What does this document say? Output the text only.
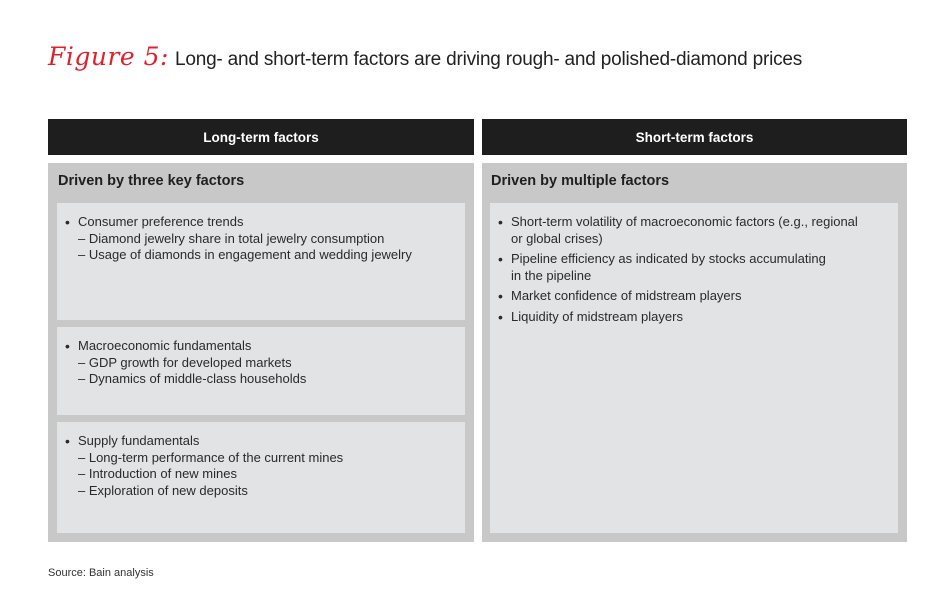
Figure 5: Long- and short-term factors are driving rough- and polished-diamond prices
Long-term factors
Driven by three key factors
• Consumer preference trends
– Diamond jewelry share in total jewelry consumption
– Usage of diamonds in engagement and wedding jewelry
• Macroeconomic fundamentals
– GDP growth for developed markets
– Dynamics of middle-class households
• Supply fundamentals
– Long-term performance of the current mines
– Introduction of new mines
– Exploration of new deposits
Short-term factors
Driven by multiple factors
• Short-term volatility of macroeconomic factors (e.g., regional
or global crises)
• Pipeline efficiency as indicated by stocks accumulating
in the pipeline
• Market confidence of midstream players
• Liquidity of midstream players
Source: Bain analysis
